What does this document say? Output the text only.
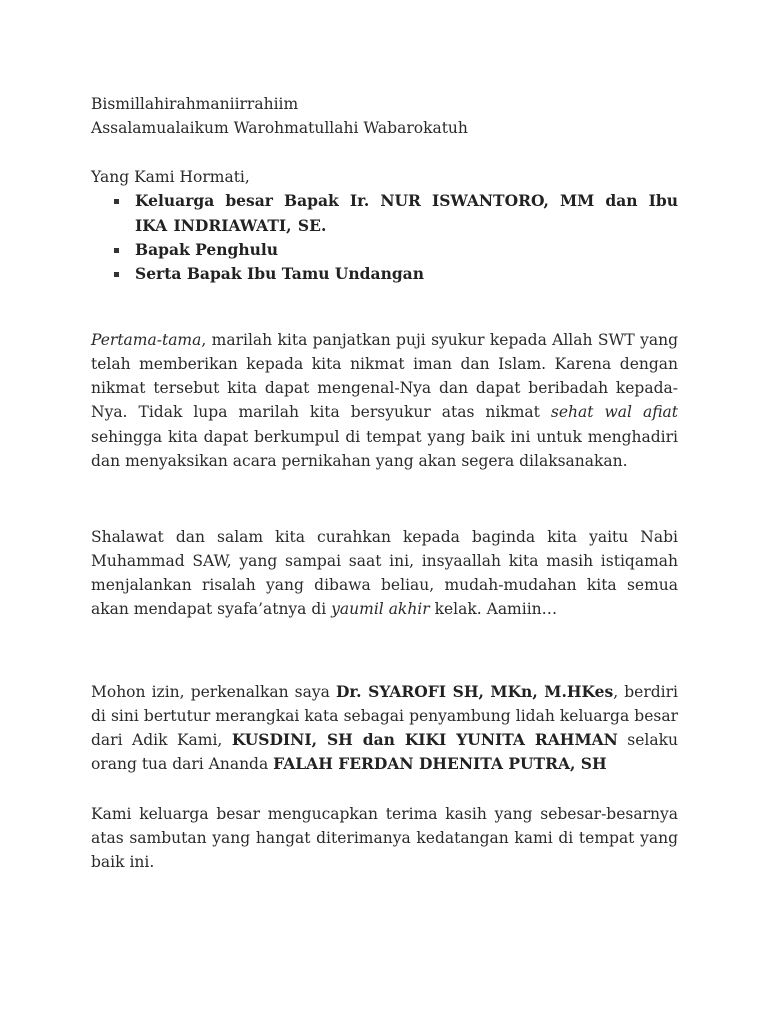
Bismillahirahmaniirrahiim

Assalamualaikum Warohmatullahi Wabarokatuh

Yang Kami Hormati,

Keluarga besar Bapak Ir. NUR ISWANTORO, MM dan Ibu IKA INDRIAWATI, SE.

Bapak Penghulu

Serta Bapak Ibu Tamu Undangan

Pertama-tama, marilah kita panjatkan puji syukur kepada Allah SWT yang telah memberikan kepada kita nikmat iman dan Islam. Karena dengan nikmat tersebut kita dapat mengenal-Nya dan dapat beribadah kepada-Nya. Tidak lupa marilah kita bersyukur atas nikmat sehat wal afiat sehingga kita dapat berkumpul di tempat yang baik ini untuk menghadiri dan menyaksikan acara pernikahan yang akan segera dilaksanakan.

Shalawat dan salam kita curahkan kepada baginda kita yaitu Nabi Muhammad SAW, yang sampai saat ini, insyaallah kita masih istiqamah menjalankan risalah yang dibawa beliau, mudah-mudahan kita semua akan mendapat syafa’atnya di yaumil akhir kelak. Aamiin…

Mohon izin, perkenalkan saya Dr. SYAROFI SH, MKn, M.HKes, berdiri di sini bertutur merangkai kata sebagai penyambung lidah keluarga besar dari Adik Kami, KUSDINI, SH dan KIKI YUNITA RAHMAN selaku orang tua dari Ananda FALAH FERDAN DHENITA PUTRA, SH

Kami keluarga besar mengucapkan terima kasih yang sebesar-besarnya atas sambutan yang hangat diterimanya kedatangan kami di tempat yang baik ini.
